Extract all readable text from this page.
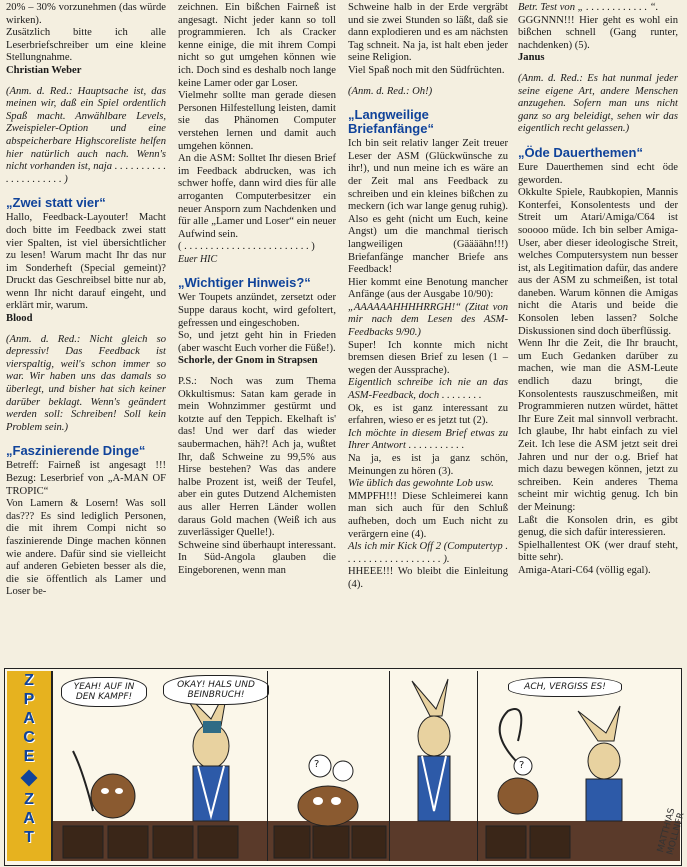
20% – 30% vorzunehmen (das würde wirken).

Zusätzlich bitte ich alle Leserbriefschreiber um eine kleine Stellungnahme.

Christian Weber

(Anm. d. Red.: Hauptsache ist, das meinen wir, daß ein Spiel ordentlich Spaß macht. Anwählbare Levels, Zweispieler-Option und eine abspeicherbare Highscoreliste helfen hier natürlich auch nach. Wenn's nicht vorhanden ist, naja . . . . . . . . . . . . . . . . . . . . . )

„Zwei statt vier“

Hallo, Feedback-Layouter! Macht doch bitte im Feedback zwei statt vier Spalten, ist viel übersichtlicher zu lesen! Warum macht Ihr das nur im Sonderheft (Special gemeint)? Druckt das Geschreibsel bitte nur ab, wenn Ihr nicht darauf eingeht, und erklärt mir, warum.

Blood

(Anm. d. Red.: Nicht gleich so depressiv! Das Feedback ist vierspaltig, weil's schon immer so war. Wir haben uns das damals so überlegt, und bisher hat sich keiner darüber beklagt. Wenn's geändert werden soll: Schreiben! Soll kein Problem sein.)

„Faszinierende Dinge“

Betreff: Fairneß ist angesagt !!! Bezug: Leserbrief von „A-MAN OF TROPIC“

Von Lamern & Losern! Was soll das??? Es sind lediglich Personen, die mit ihrem Compi nicht so faszinierende Dinge machen können wie andere. Dafür sind sie vielleicht auf anderen Gebieten besser als die, die sie öffentlich als Lamer und Loser be-

zeichnen. Ein bißchen Fairneß ist angesagt. Nicht jeder kann so toll programmieren. Ich als Cracker kenne einige, die mit ihrem Compi nicht so gut umgehen können wie ich. Doch sind es deshalb noch lange keine Lamer oder gar Loser.

Vielmehr sollte man gerade diesen Personen Hilfestellung leisten, damit sie das Phänomen Computer verstehen lernen und damit auch umgehen können.

An die ASM: Solltet Ihr diesen Brief im Feedback abdrucken, was ich schwer hoffe, dann wird dies für alle arroganten Computerbesitzer ein neuer Ansporn zum Nachdenken und für alle „Lamer und Loser“ ein neuer Aufwind sein.

( . . . . . . . . . . . . . . . . . . . . . . . . )

Euer HIC

„Wichtiger Hinweis?“

Wer Toupets anzündet, zersetzt oder Suppe daraus kocht, wird gefoltert, gefressen und eingeschoben.

So, und jetzt geht hin in Frieden (aber wascht Euch vorher die Füße!).

Schorle, der Gnom in Strapsen

P.S.: Noch was zum Thema Okkultismus: Satan kam gerade in mein Wohnzimmer gestürmt und kotzte auf den Teppich. Ekelhaft is' das! Und wer darf das wieder saubermachen, häh?! Ach ja, wußtet Ihr, daß Schweine zu 99,5% aus Hirse bestehen? Was das andere halbe Prozent ist, weiß der Teufel, aber ein gutes Dutzend Alchemisten aus aller Herren Länder wollen daraus Gold machen (Weiß ich aus zuverlässiger Quelle!).

Schweine sind überhaupt interessant. In Süd-Angola glauben die Eingeborenen, wenn man

Schweine halb in der Erde vergräbt und sie zwei Stunden so läßt, daß sie dann explodieren und es am nächsten Tag schneit. Na ja, ist halt eben jeder seine Religion.

Viel Spaß noch mit den Südfrüchten.

(Anm. d. Red.: Oh!)

„Langweilige Briefanfänge“

Ich bin seit relativ langer Zeit treuer Leser der ASM (Glückwünsche zu ihr!), und nun meine ich es wäre an der Zeit mal ans Feedback zu schreiben und ein kleines bißchen zu meckern (ich war lange genug ruhig). Also es geht (nicht um Euch, keine Angst) um die manchmal tierisch langweiligen (Gäääähn!!!) Briefanfänge mancher Briefe ans Feedback!

Hier kommt eine Benotung mancher Anfänge (aus der Ausgabe 10/90):

„AAAAAAHHHHRRGH!“ (Zitat von mir nach dem Lesen des ASM-Feedbacks 9/90.)

Super! Ich konnte mich nicht bremsen diesen Brief zu lesen (1 – wegen der Aussprache).

Eigentlich schreibe ich nie an das ASM-Feedback, doch . . . . . . . .

Ok, es ist ganz interessant zu erfahren, wieso er es jetzt tut (2).

Ich möchte in diesem Brief etwas zu Ihrer Antwort . . . . . . . . . . .

Na ja, es ist ja ganz schön, Meinungen zu hören (3).

Wie üblich das gewohnte Lob usw.

MMPFH!!! Diese Schleimerei kann man sich auch für den Schluß aufheben, doch um Euch nicht zu verärgern eine (4).

Als ich mir Kick Off 2 (Computertyp . . . . . . . . . . . . . . . . . . . ).

HHEEE!!! Wo bleibt die Einleitung (4).

Betr. Test von „ . . . . . . . . . . . . “.

GGGNNN!!! Hier geht es wohl ein bißchen schnell (Gang runter, nachdenken) (5).

Janus

(Anm. d. Red.: Es hat nunmal jeder seine eigene Art, andere Menschen anzugehen. Sofern man uns nicht ganz so arg beleidigt, sehen wir das eigentlich recht gelassen.)

„Öde Dauerthemen“

Eure Dauerthemen sind echt öde geworden.

Okkulte Spiele, Raubkopien, Mannis Konterfei, Konsolentests und der Streit um Atari/Amiga/C64 ist sooooo müde. Ich bin selber Amiga-User, aber dieser ideologische Streit, welches Computersystem nun besser ist, als Legitimation dafür, das andere aus der ASM zu schmeißen, ist total daneben. Warum können die Amigas nicht die Ataris und beide die Konsolen leben lassen? Solche Diskussionen sind doch überflüssig.

Wenn Ihr die Zeit, die Ihr braucht, um Euch Gedanken darüber zu machen, wie man die ASM-Leute endlich dazu bringt, die Konsolentests rauszuschmeißen, mit Programmieren nutzen würdet, hättet Ihr Eure Zeit mal sinnvoll verbracht. Ich glaube, Ihr habt einfach zu viel Zeit. Ich lese die ASM jetzt seit drei Jahren und nur der o.g. Brief hat mich dazu bewegen können, jetzt zu schreiben. Kein anderes Thema scheint mir wichtig genug. Ich bin der Meinung:

Laßt die Konsolen drin, es gibt genug, die sich dafür interessieren.

Spielhallentest OK (wer drauf steht, bitte sehr).

Amiga-Atari-C64 (völlig egal).

Z
P
A
C
E
Z
A
T
YEAH! AUF IN DEN KAMPF!
OKAY! HALS UND BEINBRUCH!
?
ACH, VERGISS ES!
?
MATTHIAS MOLLNER
